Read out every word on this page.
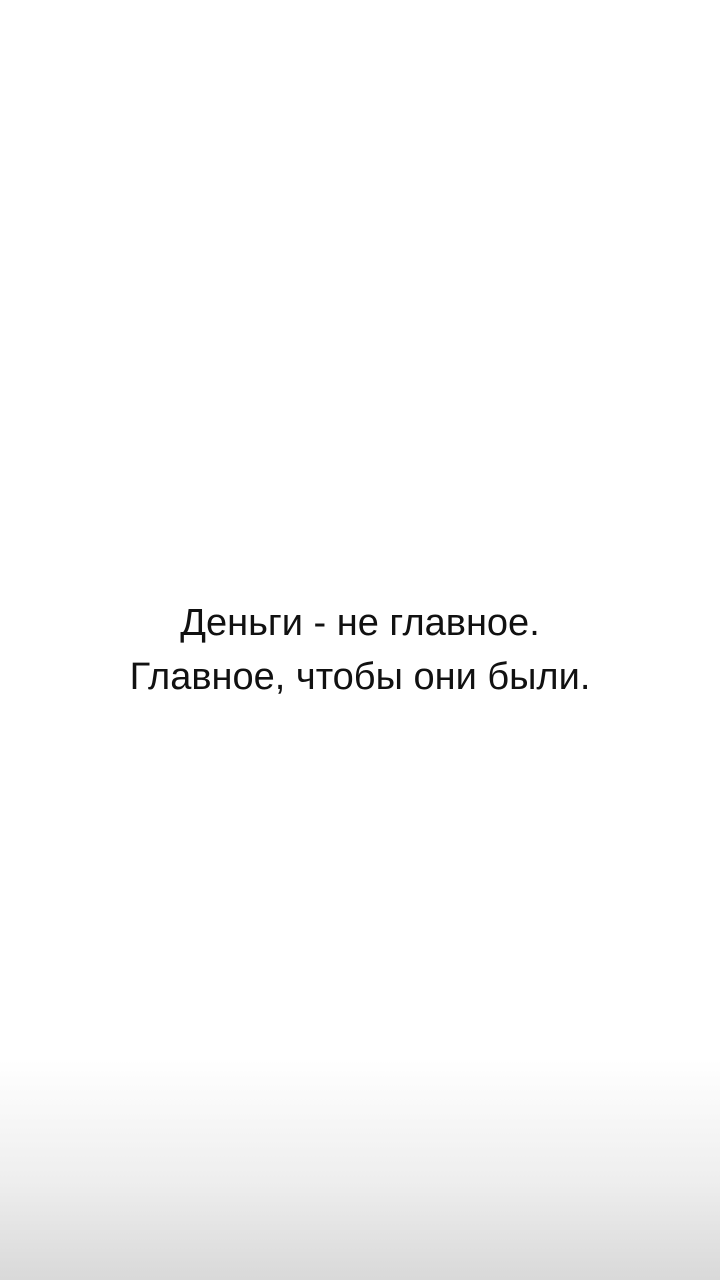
Деньги - не главное.
Главное, чтобы они были.
